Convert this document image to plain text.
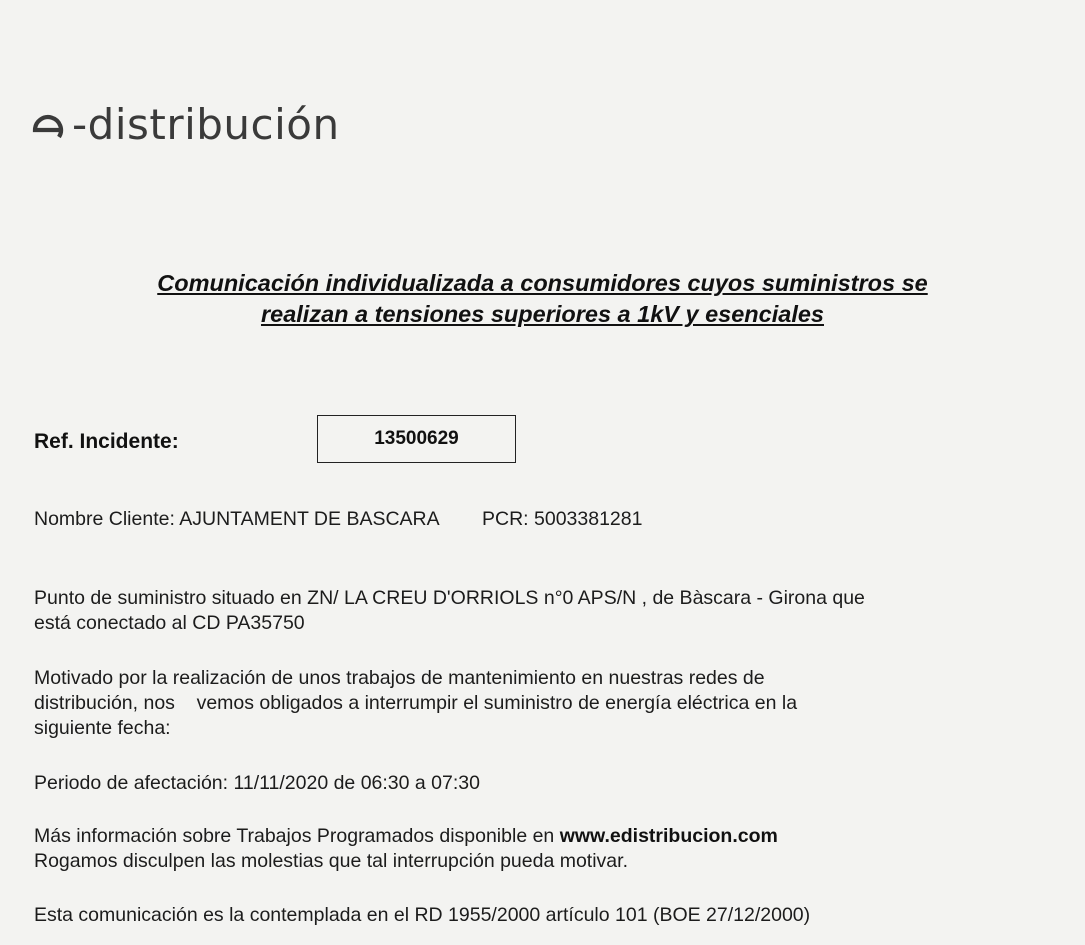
-distribución
Comunicación individualizada a consumidores cuyos suministros se
realizan a tensiones superiores a 1kV y esenciales
Ref. Incidente:	13500629
Nombre Cliente: AJUNTAMENT DE BASCARA PCR: 5003381281
Punto de suministro situado en ZN/ LA CREU D'ORRIOLS n°0 APS/N , de Bàscara - Girona que
está conectado al CD PA35750
Motivado por la realización de unos trabajos de mantenimiento en nuestras redes de
distribución, nos    vemos obligados a interrumpir el suministro de energía eléctrica en la
siguiente fecha:
Periodo de afectación: 11/11/2020 de 06:30 a 07:30
Más información sobre Trabajos Programados disponible en www.edistribucion.com
Rogamos disculpen las molestias que tal interrupción pueda motivar.
Esta comunicación es la contemplada en el RD 1955/2000 artículo 101 (BOE 27/12/2000)
